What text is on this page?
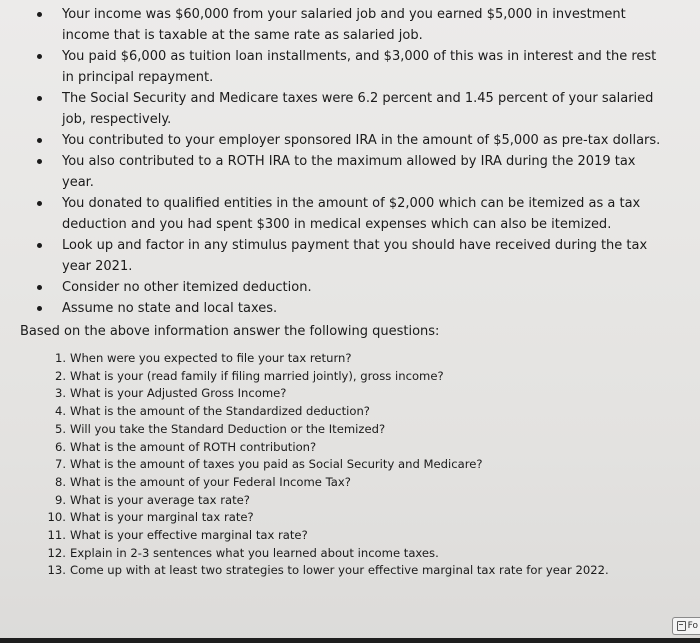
Your income was $60,000 from your salaried job and you earned $5,000 in investment income that is taxable at the same rate as salaried job.
You paid $6,000 as tuition loan installments, and $3,000 of this was in interest and the rest in principal repayment.
The Social Security and Medicare taxes were 6.2 percent and 1.45 percent of your salaried job, respectively.
You contributed to your employer sponsored IRA in the amount of $5,000 as pre-tax dollars.
You also contributed to a ROTH IRA to the maximum allowed by IRA during the 2019 tax year.
You donated to qualified entities in the amount of $2,000 which can be itemized as a tax deduction and you had spent $300 in medical expenses which can also be itemized.
Look up and factor in any stimulus payment that you should have received during the tax year 2021.
Consider no other itemized deduction.
Assume no state and local taxes.

Based on the above information answer the following questions:

1. When were you expected to file your tax return?
2. What is your (read family if filing married jointly), gross income?
3. What is your Adjusted Gross Income?
4. What is the amount of the Standardized deduction?
5. Will you take the Standard Deduction or the Itemized?
6. What is the amount of ROTH contribution?
7. What is the amount of taxes you paid as Social Security and Medicare?
8. What is the amount of your Federal Income Tax?
9. What is your average tax rate?
10. What is your marginal tax rate?
11. What is your effective marginal tax rate?
12. Explain in 2-3 sentences what you learned about income taxes.
13. Come up with at least two strategies to lower your effective marginal tax rate for year 2022.
Fo
